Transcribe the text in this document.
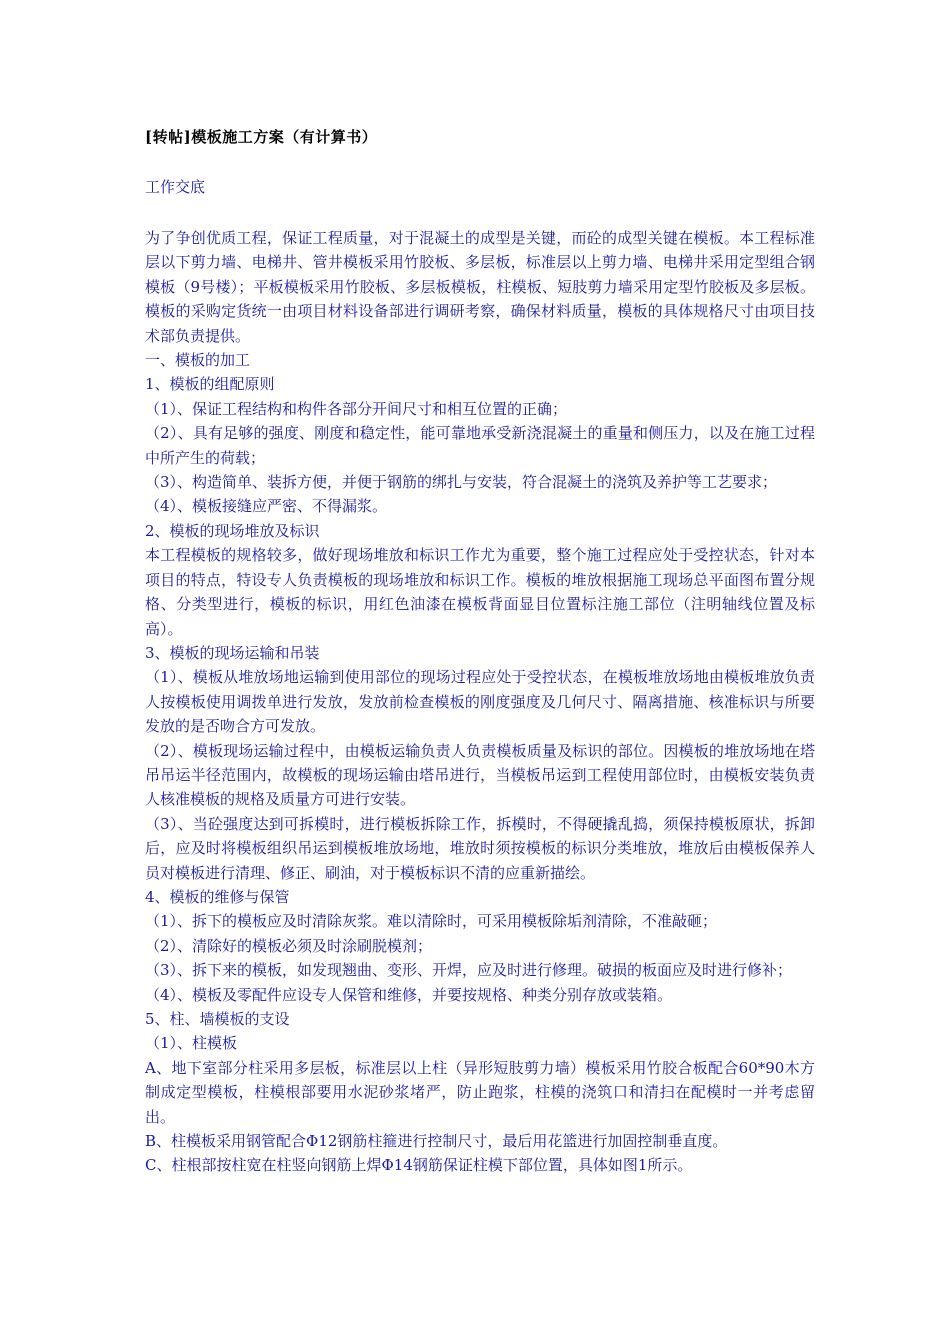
[转帖]模板施工方案（有计算书）
工作交底

为了争创优质工程，保证工程质量，对于混凝土的成型是关键，而砼的成型关键在模板。本工程标准层以下剪力墙、电梯井、管井模板采用竹胶板、多层板，标准层以上剪力墙、电梯井采用定型组合钢模板（9号楼）；平板模板采用竹胶板、多层板模板，柱模板、短肢剪力墙采用定型竹胶板及多层板。模板的采购定货统一由项目材料设备部进行调研考察，确保材料质量，模板的具体规格尺寸由项目技术部负责提供。

一、模板的加工

1、模板的组配原则

（1）、保证工程结构和构件各部分开间尺寸和相互位置的正确；

（2）、具有足够的强度、刚度和稳定性，能可靠地承受新浇混凝土的重量和侧压力，以及在施工过程中所产生的荷载；

（3）、构造简单、装拆方便，并便于钢筋的绑扎与安装，符合混凝土的浇筑及养护等工艺要求；

（4）、模板接缝应严密、不得漏浆。

2、模板的现场堆放及标识

本工程模板的规格较多，做好现场堆放和标识工作尤为重要，整个施工过程应处于受控状态，针对本项目的特点，特设专人负责模板的现场堆放和标识工作。模板的堆放根据施工现场总平面图布置分规格、分类型进行，模板的标识，用红色油漆在模板背面显目位置标注施工部位（注明轴线位置及标高）。

3、模板的现场运输和吊装

（1）、模板从堆放场地运输到使用部位的现场过程应处于受控状态，在模板堆放场地由模板堆放负责人按模板使用调拨单进行发放，发放前检查模板的刚度强度及几何尺寸、隔离措施、核准标识与所要发放的是否吻合方可发放。

（2）、模板现场运输过程中，由模板运输负责人负责模板质量及标识的部位。因模板的堆放场地在塔吊吊运半径范围内，故模板的现场运输由塔吊进行，当模板吊运到工程使用部位时，由模板安装负责人核准模板的规格及质量方可进行安装。

（3）、当砼强度达到可拆模时，进行模板拆除工作，拆模时，不得硬撬乱捣，须保持模板原状，拆卸后，应及时将模板组织吊运到模板堆放场地，堆放时须按模板的标识分类堆放，堆放后由模板保养人员对模板进行清理、修正、刷油，对于模板标识不清的应重新描绘。

4、模板的维修与保管

（1）、拆下的模板应及时清除灰浆。难以清除时，可采用模板除垢剂清除，不准敲砸；

（2）、清除好的模板必须及时涂刷脱模剂；

（3）、拆下来的模板，如发现翘曲、变形、开焊，应及时进行修理。破损的板面应及时进行修补；

（4）、模板及零配件应设专人保管和维修，并要按规格、种类分别存放或装箱。

5、柱、墙模板的支设

（1）、柱模板

A、地下室部分柱采用多层板，标准层以上柱（异形短肢剪力墙）模板采用竹胶合板配合60*90木方制成定型模板，柱模根部要用水泥砂浆堵严，防止跑浆，柱模的浇筑口和清扫在配模时一并考虑留出。

B、柱模板采用钢管配合Φ12钢筋柱箍进行控制尺寸，最后用花篮进行加固控制垂直度。

C、柱根部按柱宽在柱竖向钢筋上焊Φ14钢筋保证柱模下部位置，具体如图1所示。
